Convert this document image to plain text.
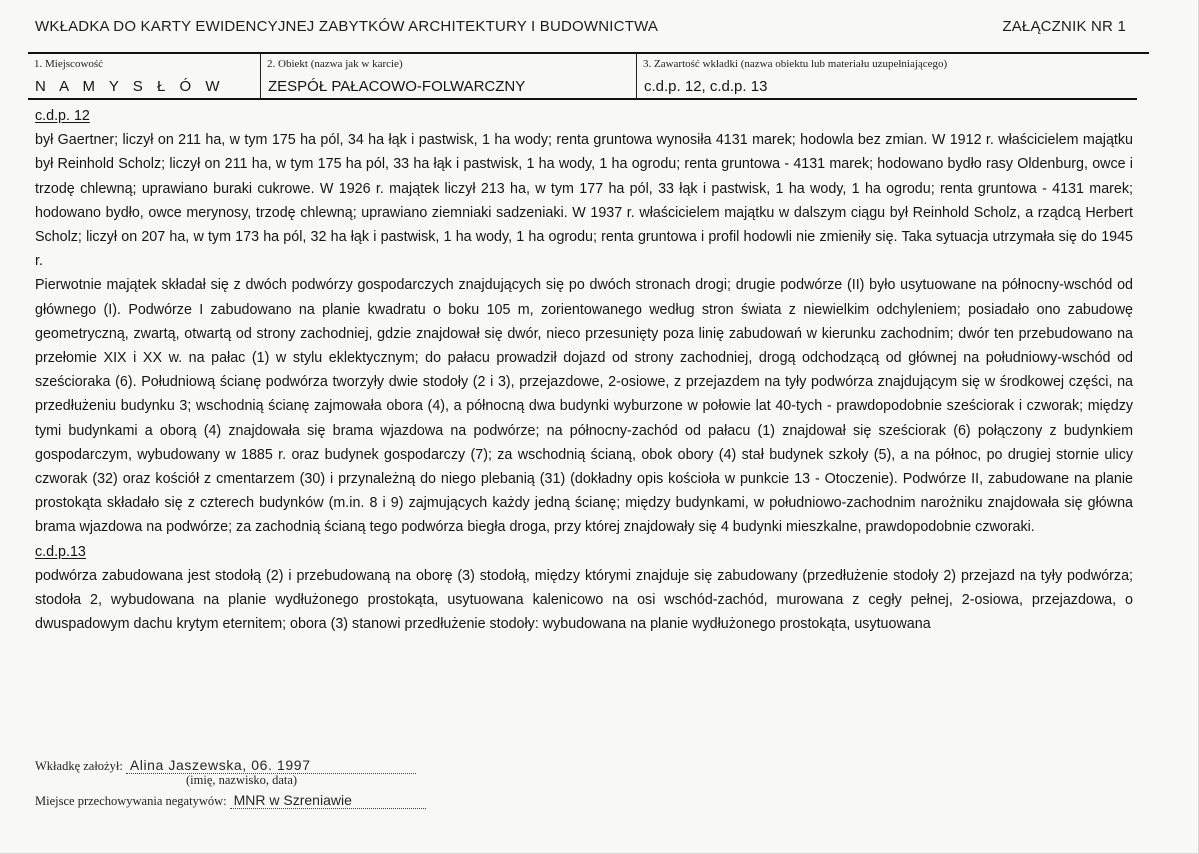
WKŁADKA DO KARTY EWIDENCYJNEJ ZABYTKÓW ARCHITEKTURY I BUDOWNICTWA	ZAŁĄCZNIK NR 1
1. Miejscowość
N A M Y S Ł Ó W
2. Obiekt (nazwa jak w karcie)
ZESPÓŁ PAŁACOWO-FOLWARCZNY
3. Zawartość wkładki (nazwa obiektu lub materiału uzupełniającego)
c.d.p. 12, c.d.p. 13

c.d.p. 12

był Gaertner; liczył on 211 ha, w tym 175 ha pól, 34 ha łąk i pastwisk, 1 ha wody; renta gruntowa wynosiła 4131 marek; hodowla bez zmian. W 1912 r. właścicielem majątku był Reinhold Scholz; liczył on 211 ha, w tym 175 ha pól, 33 ha łąk i pastwisk, 1 ha wody, 1 ha ogrodu; renta gruntowa - 4131 marek; hodowano bydło rasy Oldenburg, owce i trzodę chlewną; uprawiano buraki cukrowe. W 1926 r. majątek liczył 213 ha, w tym 177 ha pól, 33 łąk i pastwisk, 1 ha wody, 1 ha ogrodu; renta gruntowa - 4131 marek; hodowano bydło, owce merynosy, trzodę chlewną; uprawiano ziemniaki sadzeniaki. W 1937 r. właścicielem majątku w dalszym ciągu był Reinhold Scholz, a rządcą Herbert Scholz; liczył on 207 ha, w tym 173 ha pól, 32 ha łąk i pastwisk, 1 ha wody, 1 ha ogrodu; renta gruntowa i profil hodowli nie zmieniły się. Taka sytuacja utrzymała się do 1945 r.

Pierwotnie majątek składał się z dwóch podwórzy gospodarczych znajdujących się po dwóch stronach drogi; drugie podwórze (II) było usytuowane na północny-wschód od głównego (I). Podwórze I zabudowano na planie kwadratu o boku 105 m, zorientowanego według stron świata z niewielkim odchyleniem; posiadało ono zabudowę geometryczną, zwartą, otwartą od strony zachodniej, gdzie znajdował się dwór, nieco przesunięty poza linię zabudowań w kierunku zachodnim; dwór ten przebudowano na przełomie XIX i XX w. na pałac (1) w stylu eklektycznym; do pałacu prowadził dojazd od strony zachodniej, drogą odchodzącą od głównej na południowy-wschód od sześcioraka (6). Południową ścianę podwórza tworzyły dwie stodoły (2 i 3), przejazdowe, 2-osiowe, z przejazdem na tyły podwórza znajdującym się w środkowej części, na przedłużeniu budynku 3; wschodnią ścianę zajmowała obora (4), a północną dwa budynki wyburzone w połowie lat 40-tych - prawdopodobnie sześciorak i czworak; między tymi budynkami a oborą (4) znajdowała się brama wjazdowa na podwórze; na północny-zachód od pałacu (1) znajdował się sześciorak (6) połączony z budynkiem gospodarczym, wybudowany w 1885 r. oraz budynek gospodarczy (7); za wschodnią ścianą, obok obory (4) stał budynek szkoły (5), a na północ, po drugiej stornie ulicy czworak (32) oraz kościół z cmentarzem (30) i przynależną do niego plebanią (31) (dokładny opis kościoła w punkcie 13 - Otoczenie). Podwórze II, zabudowane na planie prostokąta składało się z czterech budynków (m.in. 8 i 9) zajmujących każdy jedną ścianę; między budynkami, w południowo-zachodnim narożniku znajdowała się główna brama wjazdowa na podwórze; za zachodnią ścianą tego podwórza biegła droga, przy której znajdowały się 4 budynki mieszkalne, prawdopodobnie czworaki.

c.d.p.13

podwórza zabudowana jest stodołą (2) i przebudowaną na oborę (3) stodołą, między którymi znajduje się zabudowany (przedłużenie stodoły 2) przejazd na tyły podwórza; stodoła 2, wybudowana na planie wydłużonego prostokąta, usytuowana kalenicowo na osi wschód-zachód, murowana z cegły pełnej, 2-osiowa, przejazdowa, o dwuspadowym dachu krytym eternitem; obora (3) stanowi przedłużenie stodoły: wybudowana na planie wydłużonego prostokąta, usytuowana

Wkładkę założył: Alina Jaszewska, 06. 1997
(imię, nazwisko, data)
Miejsce przechowywania negatywów: MNR w Szreniawie
